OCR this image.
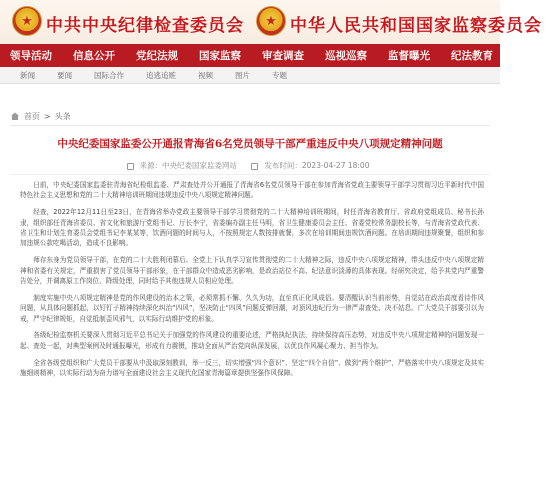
★ 中共中央纪律检查委员会	★ 中华人民共和国国家监察委员会
领导活动 信息公开 党纪法规 国家监察 审查调查 巡视巡察 监督曝光 纪法教育 历史文化
新闻	要闻	国际合作	追逃追赃	视频	图片	专题
首页 > 头条
中央纪委国家监委公开通报青海省6名党员领导干部严重违反中央八项规定精神问题
来源：中央纪委国家监委网站	发布时间：2023-04-27 18:00

日前，中央纪委国家监委驻青海省纪检组监委、严肃查处并公开通报了青海省6名党员领导干部在参加青海省党政主要领导干部学习贯彻习近平新时代中国特色社会主义思想和党的二十大精神培训班期间违规违反中央八项规定精神问题。

经查，2022年12月11日至23日，在青海省举办党政主要领导干部学习贯彻党的二十大精神培训班期间，时任青海省教育厅、省政府党组成员、秘书长孙隶，组织部任青海省委员、省文化和旅游厅党组书记、厅长李宁，省委编办副主任马明，省卫生健康委员会主任、省委党校常务副校长等，与青海省党政代表、省卫生和计划生育委员会党组书记李某某等，饮酒问题的时间与人，不按照规定人数按排就餐，多次在培训期间违规饮酒问题。在培训期间违规聚餐，组织和参加违规公款吃喝活动，造成不良影响。

师存东身为党员领导干部，在党的二十大胜利闭幕后、全党上下认真学习宣传贯彻党的二十大精神之际，违反中央八项规定精神，带头违反中央八项规定精神和省委有关规定，严重损害了党员领导干部形象，在干部群众中造成恶劣影响，是政治站位不高、纪法意识淡薄的具体表现。经研究决定，给予其党内严重警告处分，并调离原工作岗位、降级处理，同时给予其他违规人员相应处理。

制度实施中央八项规定精神是党的作风建设的治本之策，必须常抓不懈、久久为功，直至真正化风成俗。要清醒认识当前形势，自觉站在政治高度看待作风问题，从具体问题抓起，以钉钉子精神持续深化纠治“四风”，坚决防止“四风”问题反弹回潮，对顶风违纪行为一律严肃查处、决不姑息。广大党员干部要引以为戒，严守纪律规矩，自觉抵制歪风邪气，以实际行动维护党的形象。

各级纪检监察机关要深入贯彻习近平总书记关于加强党的作风建设的重要论述，严格执纪执法，持续保持高压态势，对违反中央八项规定精神的问题发现一起、查处一起，对典型案例及时通报曝光，形成有力震慑，推动全面从严治党向纵深发展，以优良作风凝心聚力、担当作为。

全省各级党组织和广大党员干部要从中汲取深刻教训，举一反三，切实增强“四个意识”、坚定“四个自信”、做到“两个维护”，严格落实中央八项规定及其实施细则精神，以实际行动为奋力谱写全面建设社会主义现代化国家青海篇章提供坚强作风保障。
